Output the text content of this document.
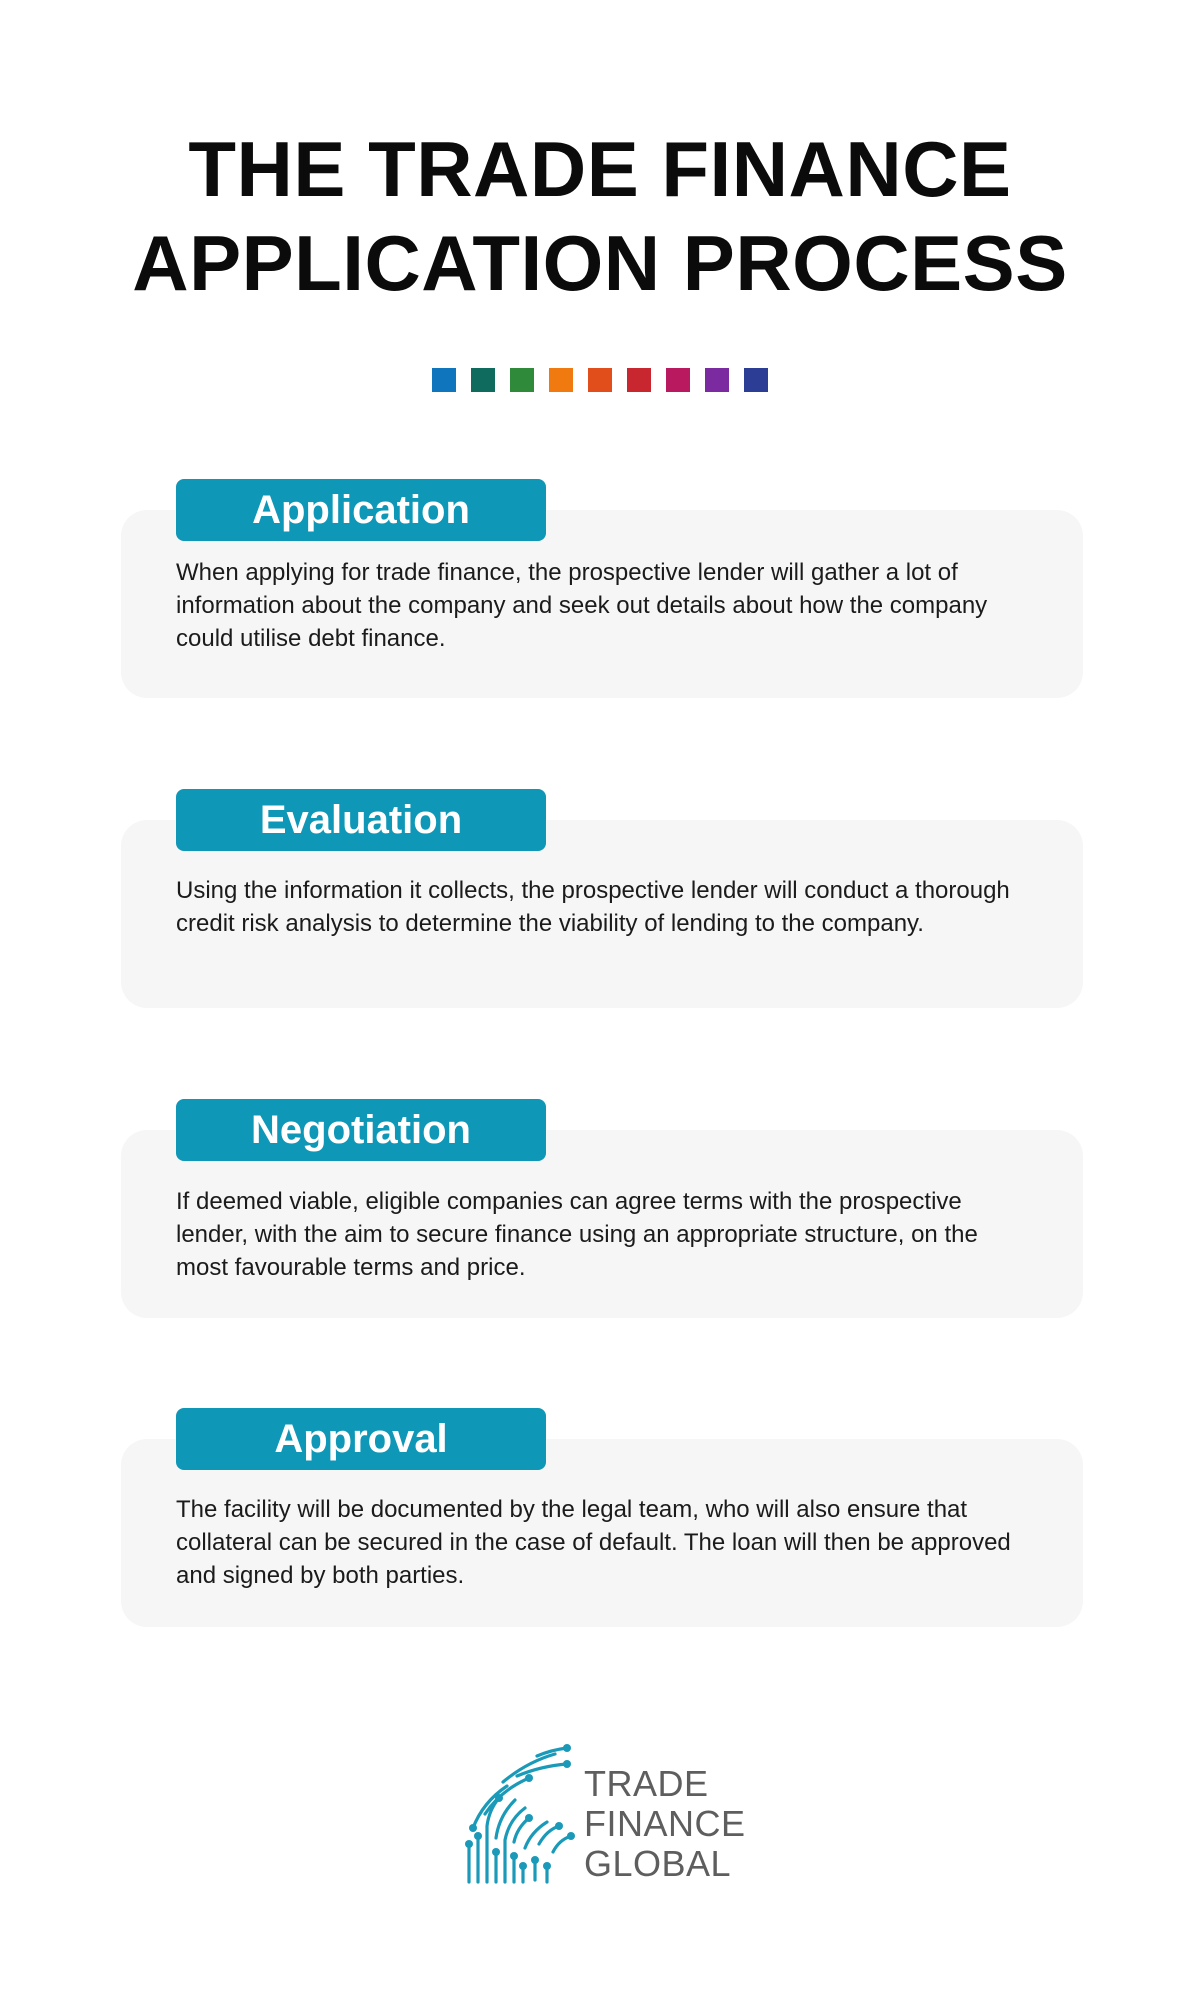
THE TRADE FINANCE
APPLICATION PROCESS
Application
When applying for trade finance, the prospective lender will gather a lot of information about the company and seek out details about how the company could utilise debt finance.
Evaluation
Using the information it collects, the prospective lender will conduct a thorough credit risk analysis to determine the viability of lending to the company.
Negotiation
If deemed viable, eligible companies can agree terms with the prospective lender, with the aim to secure finance using an appropriate structure, on the most favourable terms and price.
Approval
The facility will be documented by the legal team, who will also ensure that collateral can be secured in the case of default. The loan will then be approved and signed by both parties.
TRADE
FINANCE
GLOBAL
